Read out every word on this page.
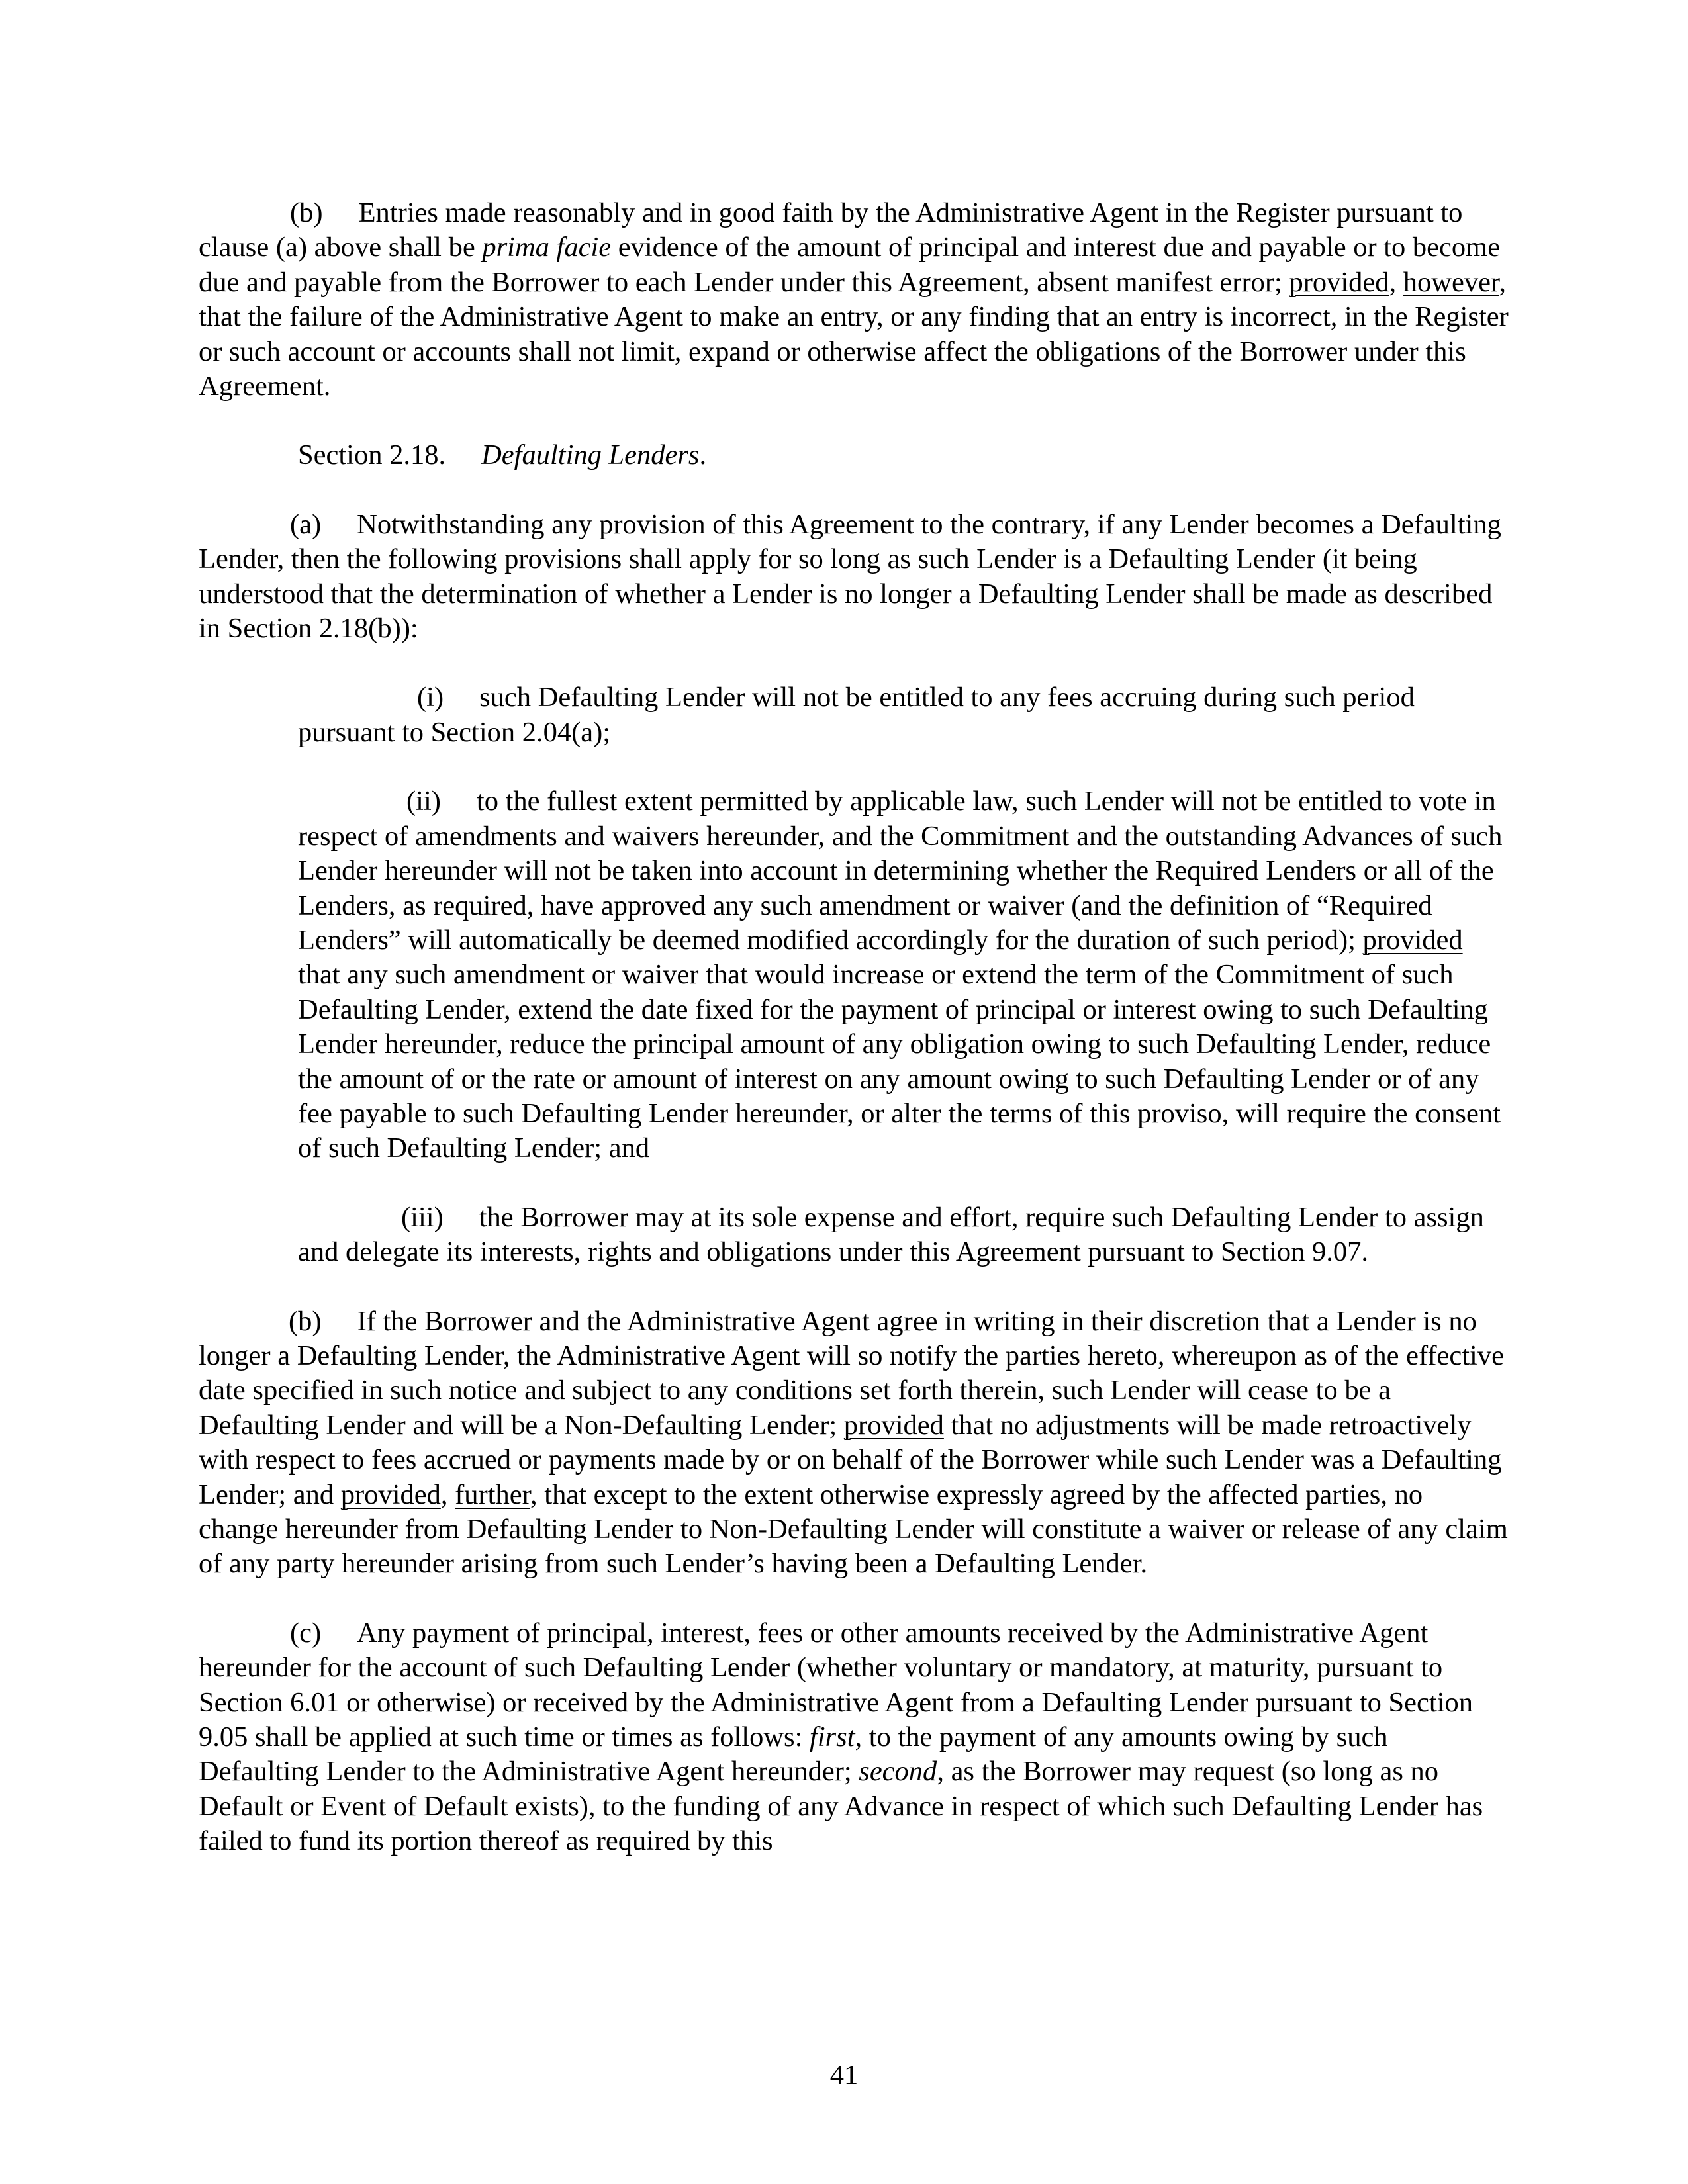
(b) Entries made reasonably and in good faith by the Administrative Agent in the Register pursuant to clause (a) above shall be prima facie evidence of the amount of principal and interest due and payable or to become due and payable from the Borrower to each Lender under this Agreement, absent manifest error; provided, however, that the failure of the Administrative Agent to make an entry, or any finding that an entry is incorrect, in the Register or such account or accounts shall not limit, expand or otherwise affect the obligations of the Borrower under this Agreement.

Section 2.18. Defaulting Lenders.

(a) Notwithstanding any provision of this Agreement to the contrary, if any Lender becomes a Defaulting Lender, then the following provisions shall apply for so long as such Lender is a Defaulting Lender (it being understood that the determination of whether a Lender is no longer a Defaulting Lender shall be made as described in Section 2.18(b)):

(i) such Defaulting Lender will not be entitled to any fees accruing during such period pursuant to Section 2.04(a);

(ii) to the fullest extent permitted by applicable law, such Lender will not be entitled to vote in respect of amendments and waivers hereunder, and the Commitment and the outstanding Advances of such Lender hereunder will not be taken into account in determining whether the Required Lenders or all of the Lenders, as required, have approved any such amendment or waiver (and the definition of “Required Lenders” will automatically be deemed modified accordingly for the duration of such period); provided that any such amendment or waiver that would increase or extend the term of the Commitment of such Defaulting Lender, extend the date fixed for the payment of principal or interest owing to such Defaulting Lender hereunder, reduce the principal amount of any obligation owing to such Defaulting Lender, reduce the amount of or the rate or amount of interest on any amount owing to such Defaulting Lender or of any fee payable to such Defaulting Lender hereunder, or alter the terms of this proviso, will require the consent of such Defaulting Lender; and

(iii) the Borrower may at its sole expense and effort, require such Defaulting Lender to assign and delegate its interests, rights and obligations under this Agreement pursuant to Section 9.07.

(b) If the Borrower and the Administrative Agent agree in writing in their discretion that a Lender is no longer a Defaulting Lender, the Administrative Agent will so notify the parties hereto, whereupon as of the effective date specified in such notice and subject to any conditions set forth therein, such Lender will cease to be a Defaulting Lender and will be a Non-Defaulting Lender; provided that no adjustments will be made retroactively with respect to fees accrued or payments made by or on behalf of the Borrower while such Lender was a Defaulting Lender; and provided, further, that except to the extent otherwise expressly agreed by the affected parties, no change hereunder from Defaulting Lender to Non-Defaulting Lender will constitute a waiver or release of any claim of any party hereunder arising from such Lender’s having been a Defaulting Lender.

(c) Any payment of principal, interest, fees or other amounts received by the Administrative Agent hereunder for the account of such Defaulting Lender (whether voluntary or mandatory, at maturity, pursuant to Section 6.01 or otherwise) or received by the Administrative Agent from a Defaulting Lender pursuant to Section 9.05 shall be applied at such time or times as follows: first, to the payment of any amounts owing by such Defaulting Lender to the Administrative Agent hereunder; second, as the Borrower may request (so long as no Default or Event of Default exists), to the funding of any Advance in respect of which such Defaulting Lender has failed to fund its portion thereof as required by this

41
